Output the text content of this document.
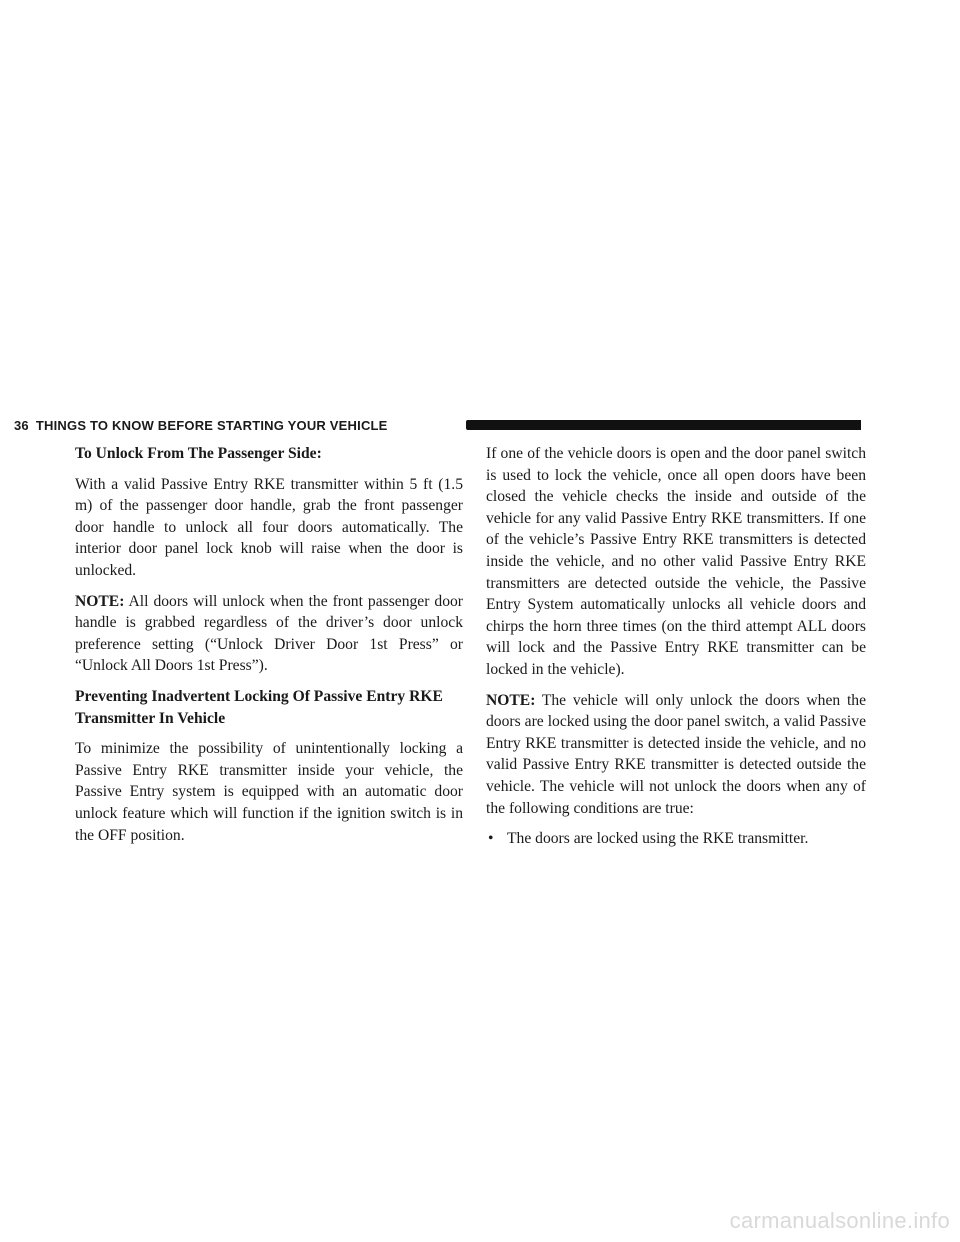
36 THINGS TO KNOW BEFORE STARTING YOUR VEHICLE
To Unlock From The Passenger Side:

With a valid Passive Entry RKE transmitter within 5 ft (1.5 m) of the passenger door handle, grab the front passenger door handle to unlock all four doors automatically. The interior door panel lock knob will raise when the door is unlocked.

NOTE: All doors will unlock when the front passenger door handle is grabbed regardless of the driver’s door unlock preference setting (“Unlock Driver Door 1st Press” or “Unlock All Doors 1st Press”).

Preventing Inadvertent Locking Of Passive Entry RKE Transmitter In Vehicle

To minimize the possibility of unintentionally locking a Passive Entry RKE transmitter inside your vehicle, the Passive Entry system is equipped with an automatic door unlock feature which will function if the ignition switch is in the OFF position.

If one of the vehicle doors is open and the door panel switch is used to lock the vehicle, once all open doors have been closed the vehicle checks the inside and outside of the vehicle for any valid Passive Entry RKE transmitters. If one of the vehicle’s Passive Entry RKE transmitters is detected inside the vehicle, and no other valid Passive Entry RKE transmitters are detected outside the vehicle, the Passive Entry System automatically unlocks all vehicle doors and chirps the horn three times (on the third attempt ALL doors will lock and the Passive Entry RKE transmitter can be locked in the vehicle).

NOTE: The vehicle will only unlock the doors when the doors are locked using the door panel switch, a valid Passive Entry RKE transmitter is detected inside the vehicle, and no valid Passive Entry RKE transmitter is detected outside the vehicle. The vehicle will not unlock the doors when any of the following conditions are true:

• The doors are locked using the RKE transmitter.
carmanualsonline.info
